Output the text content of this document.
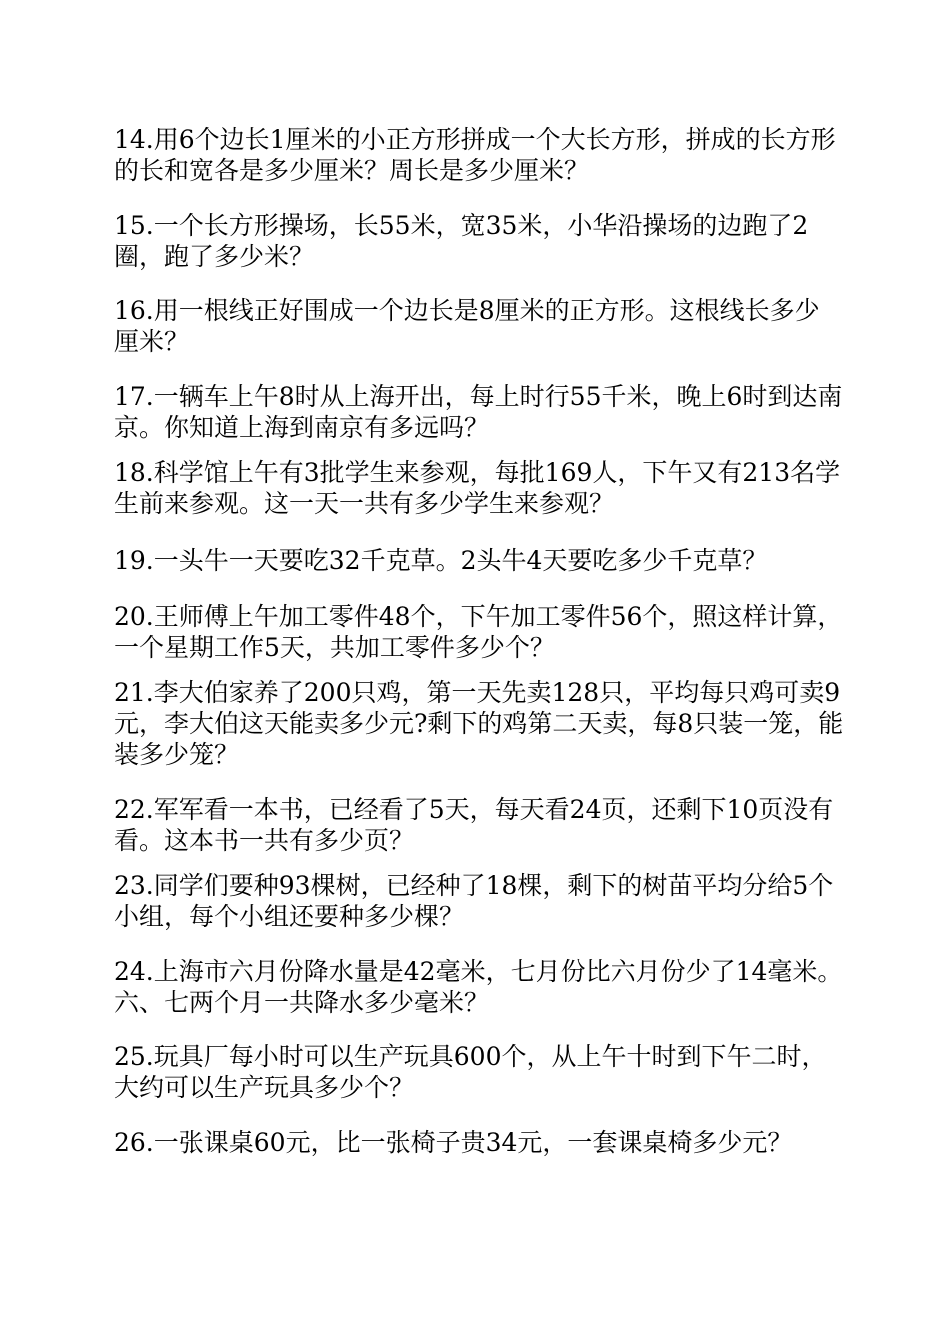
14.用6个边长1厘米的小正方形拼成一个大长方形，拼成的长方形的长和宽各是多少厘米？周长是多少厘米？
15.一个长方形操场，长55米，宽35米，小华沿操场的边跑了2圈，跑了多少米？
16.用一根线正好围成一个边长是8厘米的正方形。这根线长多少厘米？
17.一辆车上午8时从上海开出，每上时行55千米，晚上6时到达南京。你知道上海到南京有多远吗？
18.科学馆上午有3批学生来参观，每批169人，下午又有213名学生前来参观。这一天一共有多少学生来参观？
19.一头牛一天要吃32千克草。2头牛4天要吃多少千克草？
20.王师傅上午加工零件48个，下午加工零件56个，照这样计算，一个星期工作5天，共加工零件多少个？
21.李大伯家养了200只鸡，第一天先卖128只，平均每只鸡可卖9元，李大伯这天能卖多少元?剩下的鸡第二天卖，每8只装一笼，能装多少笼？
22.军军看一本书，已经看了5天，每天看24页，还剩下10页没有看。这本书一共有多少页？
23.同学们要种93棵树，已经种了18棵，剩下的树苗平均分给5个小组，每个小组还要种多少棵？
24.上海市六月份降水量是42毫米，七月份比六月份少了14毫米。六、七两个月一共降水多少毫米？
25.玩具厂每小时可以生产玩具600个，从上午十时到下午二时，大约可以生产玩具多少个？
26.一张课桌60元，比一张椅子贵34元，一套课桌椅多少元？
